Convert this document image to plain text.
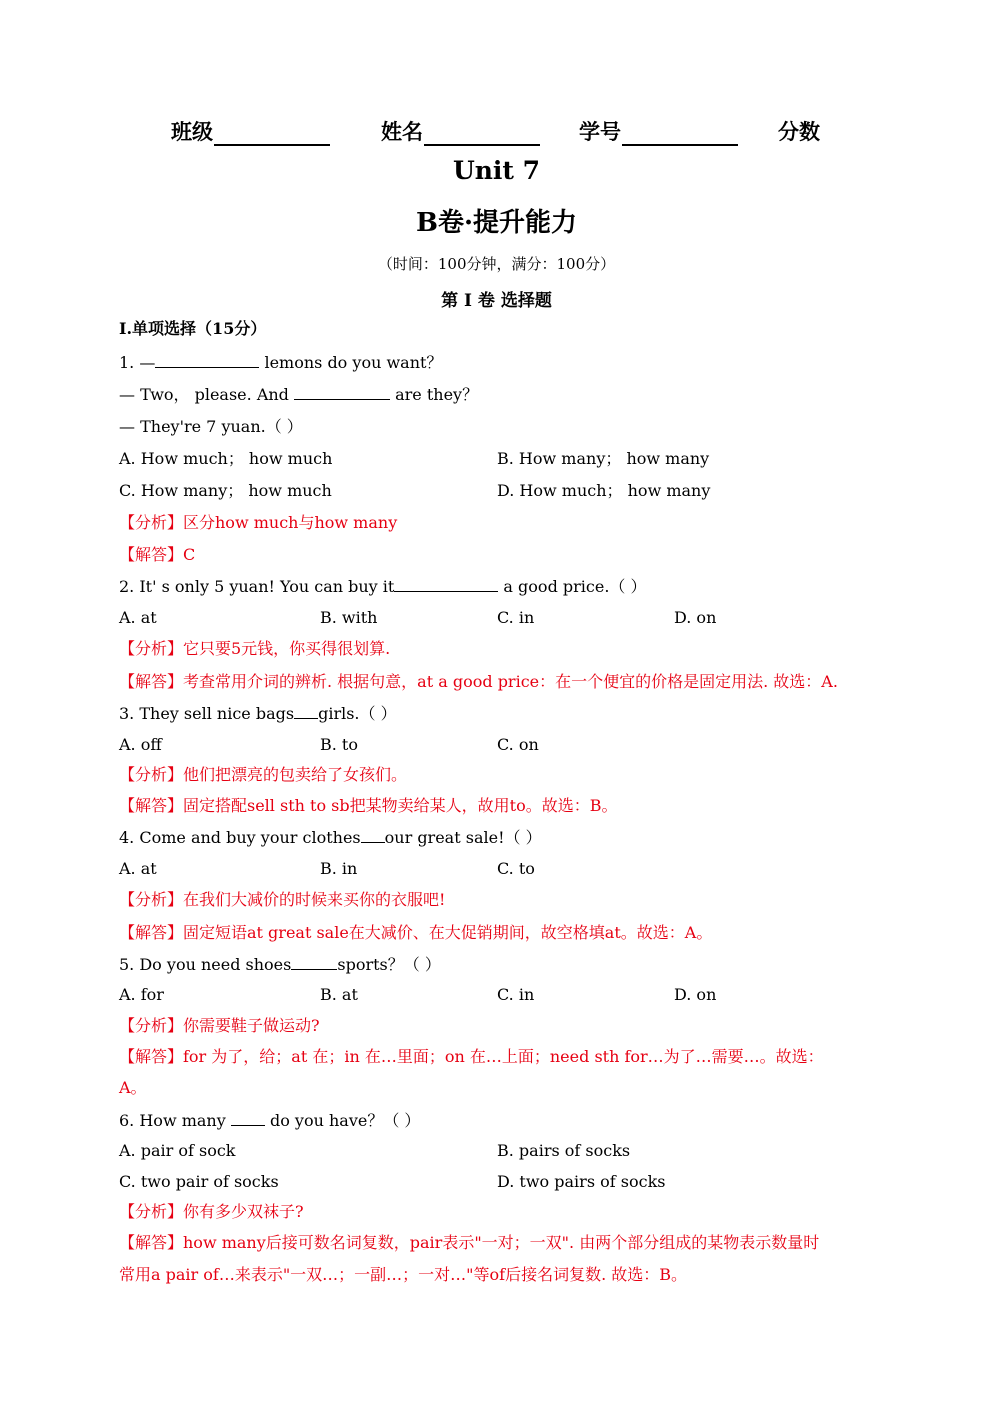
班级	姓名	学号	分数
Unit 7
B卷·提升能力
（时间：100分钟，满分：100分）
第 I 卷 选择题
I.单项选择（15分）
1. —	lemons do you want？
— Two， please. And	are they？
— They're 7 yuan.（ ）
A. How much； how much	B. How many； how many
C. How many； how much	D. How much； how many
【分析】区分how much与how many
【解答】C
2. It' s only 5 yuan! You can buy it	a good price.（ ）
A. at	B. with	C. in	D. on
【分析】它只要5元钱，你买得很划算.
【解答】考查常用介词的辨析. 根据句意，at a good price：在一个便宜的价格是固定用法. 故选：A.
3. They sell nice bags girls.（ ）
A. off	B. to	C. on
【分析】他们把漂亮的包卖给了女孩们。
【解答】固定搭配sell sth to sb把某物卖给某人，故用to。故选：B。
4. Come and buy your clothes our great sale!（ ）
A. at	B. in	C. to
【分析】在我们大减价的时候来买你的衣服吧!
【解答】固定短语at great sale在大减价、在大促销期间，故空格填at。故选：A。
5. Do you need shoes	sports？（ ）
A. for	B. at	C. in	D. on
【分析】你需要鞋子做运动?
【解答】for 为了，给；at 在；in 在…里面；on 在…上面；need sth for…为了…需要…。故选：
A。
6. How many  do you have？（ ）
A. pair of sock	B. pairs of socks
C. two pair of socks	D. two pairs of socks
【分析】你有多少双袜子?
【解答】how many后接可数名词复数，pair表示"一对；一双". 由两个部分组成的某物表示数量时
常用a pair of…来表示"一双…；一副…；一对…"等of后接名词复数. 故选：B。
